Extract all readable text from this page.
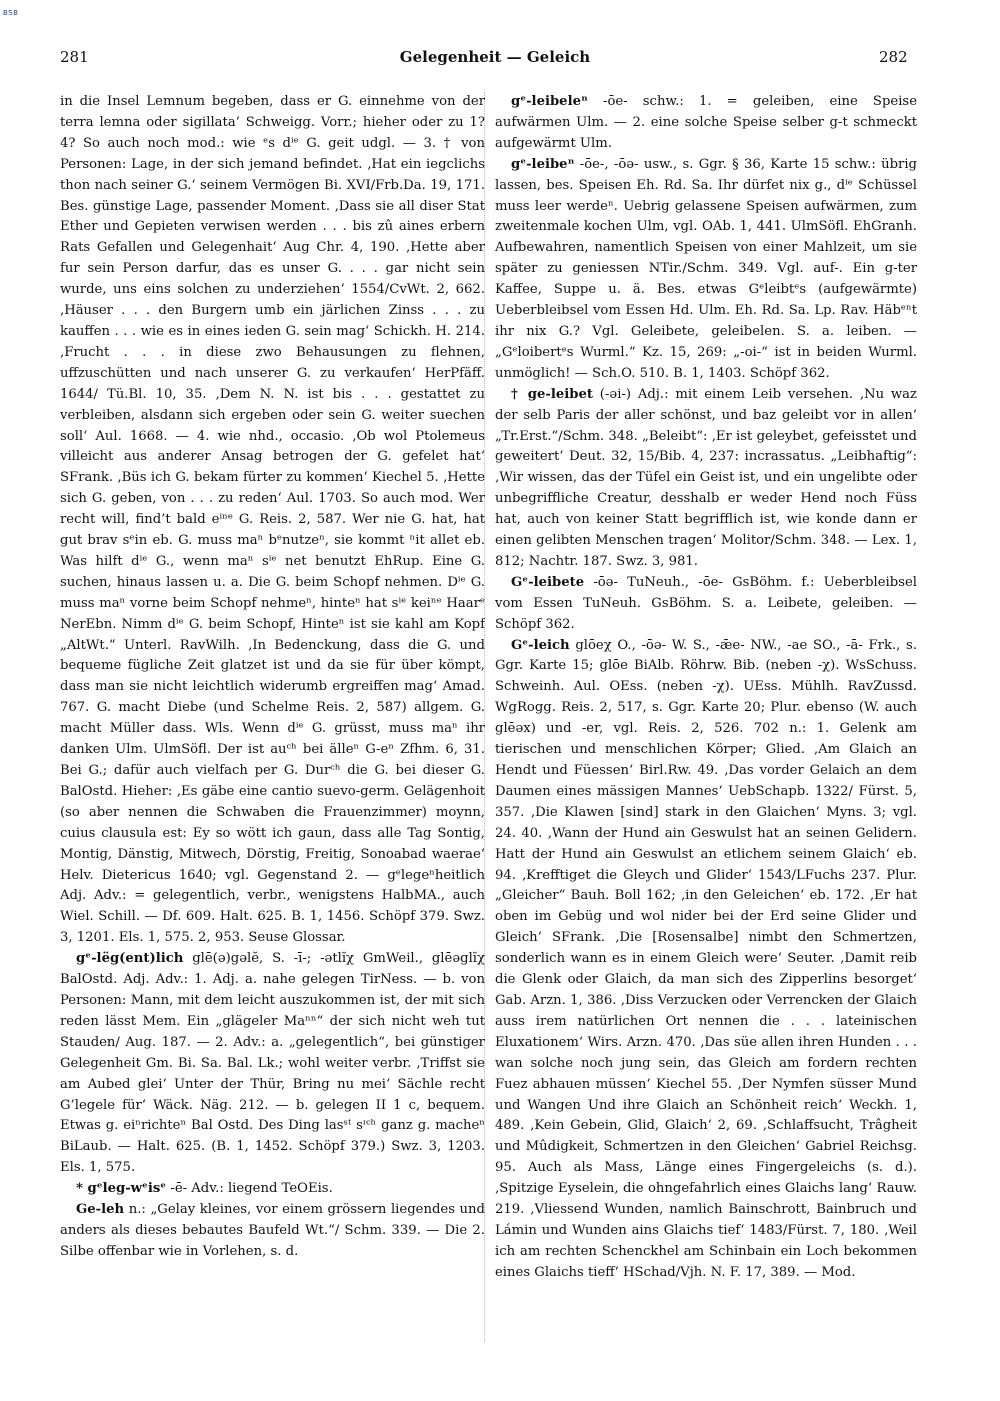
BSB
281	Gelegenheit — Geleich	282

in die Insel Lemnum begeben, dass er G. einnehme von der terra lemna oder sigillata‘ Schweigg. Vorr.; hieher oder zu 1? 4? So auch noch mod.: wie ᵉs dⁱᵉ G. geit udgl. — 3. † von Personen: Lage, in der sich jemand befindet. ‚Hat ein iegclichs thon nach seiner G.‘ seinem Vermögen Bi. XVI/Frb.Da. 19, 171. Bes. günstige Lage, passender Moment. ‚Dass sie all diser Stat Ether und Gepieten verwisen werden . . . bis zû aines erbern Rats Gefallen und Gelegenhait‘ Aug Chr. 4, 190. ‚Hette aber fur sein Person darfur, das es unser G. . . . gar nicht sein wurde, uns eins solchen zu underziehen‘ 1554/CvWt. 2, 662. ‚Häuser . . . den Burgern umb ein järlichen Zinss . . . zu kauffen . . . wie es in eines ieden G. sein mag‘ Schickh. H. 214. ‚Frucht . . . in diese zwo Behausungen zu flehnen, uffzuschütten und nach unserer G. zu verkaufen‘ HerPfäff. 1644/ Tü.Bl. 10, 35. ‚Dem N. N. ist bis . . . gestattet zu verbleiben, alsdann sich ergeben oder sein G. weiter suechen soll‘ Aul. 1668. — 4. wie nhd., occasio. ‚Ob wol Ptolemeus villeicht aus anderer Ansag betrogen der G. gefelet hat‘ SFrank. ‚Büs ich G. bekam fürter zu kommen‘ Kiechel 5. ‚Hette sich G. geben, von . . . zu reden‘ Aul. 1703. So auch mod. Wer recht will, find’t bald eⁱⁿᵉ G. Reis. 2, 587. Wer nie G. hat, hat gut brav sᵉin eb. G. muss maⁿ bᵉnutzeⁿ, sie kommt ⁿit allet eb. Was hilft dⁱᵉ G., wenn maⁿ sⁱᵉ net benutzt EhRup. Eine G. suchen, hinaus lassen u. a. Die G. beim Schopf nehmen. Dⁱᵉ G. muss maⁿ vorne beim Schopf nehmeⁿ, hinteⁿ hat sⁱᵉ keiⁿᵉ Haarᵉ NerEbn. Nimm dⁱᵉ G. beim Schopf, Hinteⁿ ist sie kahl am Kopf „AltWt.“ Unterl. RavWilh. ‚In Bedenckung, dass die G. und bequeme fügliche Zeit glatzet ist und da sie für über kömpt, dass man sie nicht leichtlich widerumb ergreiffen mag‘ Amad. 767. G. macht Diebe (und Schelme Reis. 2, 587) allgem. G. macht Müller dass. Wls. Wenn dⁱᵉ G. grüsst, muss maⁿ ihr danken Ulm. UlmSöfl. Der ist auᶜʰ bei älleⁿ G-eⁿ Zfhm. 6, 31. Bei G.; dafür auch vielfach per G. Durᶜʰ die G. bei dieser G. BalOstd. Hieher: ‚Es gäbe eine cantio suevo-germ. Gelägenhoit (so aber nennen die Schwaben die Frauenzimmer) moynn, cuius clausula est: Ey so wött ich gaun, dass alle Tag Sontig, Montig, Dänstig, Mitwech, Dörstig, Freitig, Sonoabad waerae‘ Helv. Dietericus 1640; vgl. Gegenstand 2. — gᵉlegeⁿheitlich Adj. Adv.: = gelegentlich, verbr., wenigstens HalbMA., auch Wiel. Schill. — Df. 609. Halt. 625. B. 1, 1456. Schöpf 379. Swz. 3, 1201. Els. 1, 575. 2, 953. Seuse Glossar.

gᵉ-lëg(ent)lich glē(ə)gəlĕ, S. -ī-; -ətlĭχ GmWeil., glēəglĭχ BalOstd. Adj. Adv.: 1. Adj. a. nahe gelegen TirNess. — b. von Personen: Mann, mit dem leicht auszukommen ist, der mit sich reden lässt Mem. Ein „glägeler Maⁿⁿ“ der sich nicht weh tut Stauden/ Aug. 187. — 2. Adv.: a. „gelegentlich“, bei günstiger Gelegenheit Gm. Bi. Sa. Bal. Lk.; wohl weiter verbr. ‚Triffst sie am Aubed glei‘ Unter der Thür, Bring nu mei‘ Sächle recht G’legele für‘ Wäck. Näg. 212. — b. gelegen II 1 c, bequem. Etwas g. eiⁿrichteⁿ Bal Ostd. Des Ding lasˢᵗ sᶦᶜʰ ganz g. macheⁿ BiLaub. — Halt. 625. (B. 1, 1452. Schöpf 379.) Swz. 3, 1203. Els. 1, 575.

* gᵉleg-wᵉisᵉ -ē- Adv.: liegend TeOEis.

Ge-leh n.: „Gelay kleines, vor einem grössern liegendes und anders als dieses bebautes Baufeld Wt.“/ Schm. 339. — Die 2. Silbe offenbar wie in Vorlehen, s. d.

gᵉ-leibeleⁿ -ōe- schw.: 1. = geleiben, eine Speise aufwärmen Ulm. — 2. eine solche Speise selber g-t schmeckt aufgewärmt Ulm.

gᵉ-leibeⁿ -ōe-, -ōə- usw., s. Ggr. § 36, Karte 15 schw.: übrig lassen, bes. Speisen Eh. Rd. Sa. Ihr dürfet nix g., dⁱᵉ Schüssel muss leer werdeⁿ. Uebrig gelassene Speisen aufwärmen, zum zweitenmale kochen Ulm, vgl. OAb. 1, 441. UlmSöfl. EhGranh. Aufbewahren, namentlich Speisen von einer Mahlzeit, um sie später zu geniessen NTir./Schm. 349. Vgl. auf-. Ein g-ter Kaffee, Suppe u. ä. Bes. etwas Gᵉleibtᵉs (aufgewärmte) Ueberbleibsel vom Essen Hd. Ulm. Eh. Rd. Sa. Lp. Rav. Häbᵉⁿt ihr nix G.? Vgl. Geleibete, geleibelen. S. a. leiben. — „Gᵉloibertᵉs Wurml.“ Kz. 15, 269: „-oi-“ ist in beiden Wurml. unmöglich! — Sch.O. 510. B. 1, 1403. Schöpf 362.

† ge-leibet (-əi-) Adj.: mit einem Leib versehen. ‚Nu waz der selb Paris der aller schönst, und baz geleibt vor in allen‘ „Tr.Erst.“/Schm. 348. „Beleibt“: ‚Er ist geleybet, gefeisstet und geweitert‘ Deut. 32, 15/Bib. 4, 237: incrassatus. „Leibhaftig“: ‚Wir wissen, das der Tüfel ein Geist ist, und ein ungelibte oder unbegriffliche Creatur, desshalb er weder Hend noch Füss hat, auch von keiner Statt begrifflich ist, wie konde dann er einen gelibten Menschen tragen‘ Molitor/Schm. 348. — Lex. 1, 812; Nachtr. 187. Swz. 3, 981.

Gᵉ-leibete -ōə- TuNeuh., -ōe- GsBöhm. f.: Ueberbleibsel vom Essen TuNeuh. GsBöhm. S. a. Leibete, geleiben. — Schöpf 362.

Gᵉ-leich glōeχ O., -ōə- W. S., -ǣe- NW., -ae SO., -ā- Frk., s. Ggr. Karte 15; glōe BiAlb. Röhrw. Bib. (neben -χ). WsSchuss. Schweinh. Aul. OEss. (neben -χ). UEss. Mühlh. RavZussd. WgRogg. Reis. 2, 517, s. Ggr. Karte 20; Plur. ebenso (W. auch glēəx) und -er, vgl. Reis. 2, 526. 702 n.: 1. Gelenk am tierischen und menschlichen Körper; Glied. ‚Am Glaich an Hendt und Füessen‘ Birl.Rw. 49. ‚Das vorder Gelaich an dem Daumen eines mässigen Mannes‘ UebSchapb. 1322/ Fürst. 5, 357. ‚Die Klawen [sind] stark in den Glaichen‘ Myns. 3; vgl. 24. 40. ‚Wann der Hund ain Geswulst hat an seinen Gelidern. Hatt der Hund ain Geswulst an etlichem seinem Glaich‘ eb. 94. ‚Krefftiget die Gleych und Glider‘ 1543/LFuchs 237. Plur. „Gleicher“ Bauh. Boll 162; ‚in den Geleichen‘ eb. 172. ‚Er hat oben im Gebüg und wol nider bei der Erd seine Glider und Gleich‘ SFrank. ‚Die [Rosensalbe] nimbt den Schmertzen, sonderlich wann es in einem Gleich were‘ Seuter. ‚Damit reib die Glenk oder Glaich, da man sich des Zipperlins besorget‘ Gab. Arzn. 1, 386. ‚Diss Verzucken oder Verrencken der Glaich auss irem natürlichen Ort nennen die . . . lateinischen Eluxationem‘ Wirs. Arzn. 470. ‚Das süe allen ihren Hunden . . . wan solche noch jung sein, das Gleich am fordern rechten Fuez abhauen müssen‘ Kiechel 55. ‚Der Nymfen süsser Mund und Wangen Und ihre Glaich an Schönheit reich‘ Weckh. 1, 489. ‚Kein Gebein, Glid, Glaich‘ 2, 69. ‚Schlaffsucht, Trâgheit und Mûdigkeit, Schmertzen in den Gleichen‘ Gabriel Reichsg. 95. Auch als Mass, Länge eines Fingergeleichs (s. d.). ‚Spitzige Eyselein, die ohngefahrlich eines Glaichs lang‘ Rauw. 219. ‚Vliessend Wunden, namlich Bainschrott, Bainbruch und Lámin und Wunden ains Glaichs tief‘ 1483/Fürst. 7, 180. ‚Weil ich am rechten Schenckhel am Schinbain ein Loch bekommen eines Glaichs tieff‘ HSchad/Vjh. N. F. 17, 389. — Mod.
